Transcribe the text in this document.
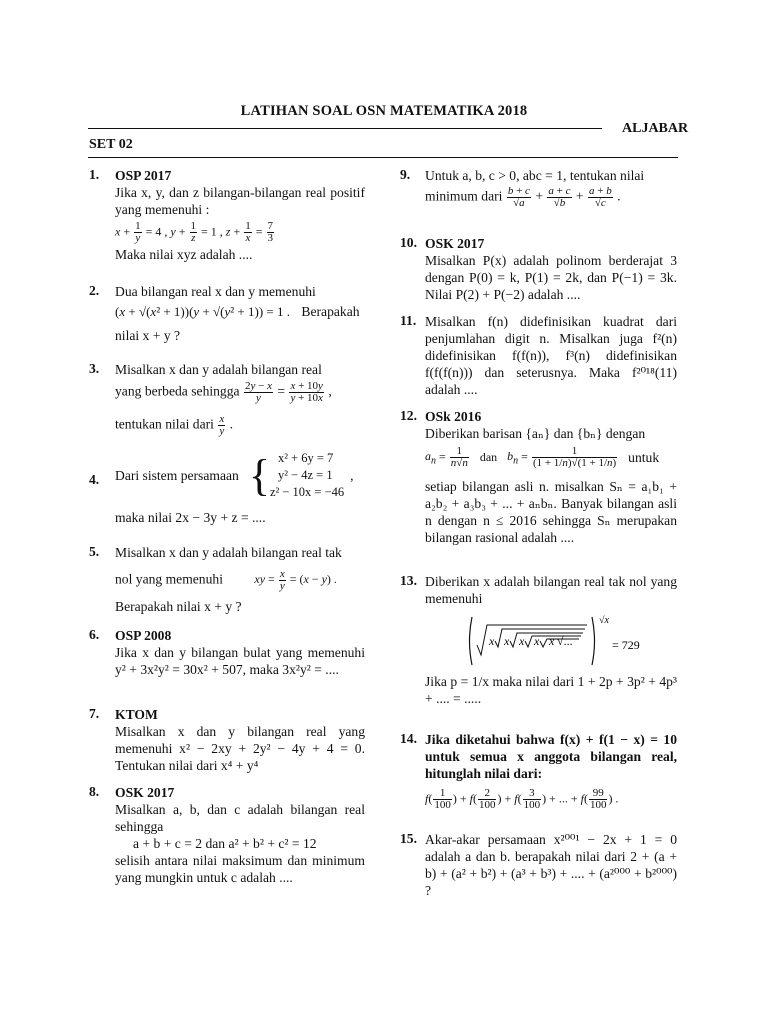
LATIHAN SOAL OSN MATEMATIKA 2018
ALJABAR
SET 02
1. OSP 2017
Jika x, y, dan z bilangan-bilangan real positif yang memenuhi :
$x + \frac{1}{y} = 4$ , $y + \frac{1}{z} = 1$ , $z + \frac{1}{x} = \frac{7}{3}$
Maka nilai xyz adalah ....
2. Dua bilangan real x dan y memenuhi
(x + √(x² + 1))(y + √(y² + 1)) = 1 . Berapakah
nilai x + y ?
3. Misalkan x dan y adalah bilangan real
yang berbeda sehingga $\frac{2y - x}{y} = \frac{x + 10y}{y + 10x}$ ,
tentukan nilai dari $\frac{x}{y}$ .
4. Dari sistem persamaan { x² + 6y = 7
y² − 4z = 1
z² − 10x = −46
,
maka nilai 2x − 3y + z = ....
5. Misalkan x dan y adalah bilangan real tak
nol yang memenuhi	xy = $\frac{x}{y} = (x - y)$ .
Berapakah nilai x + y ?
6. OSP 2008
Jika x dan y bilangan bulat yang memenuhi y² + 3x²y² = 30x² + 507, maka 3x²y² = ....
7. KTOM
Misalkan x dan y bilangan real yang memenuhi x² − 2xy + 2y² − 4y + 4 = 0. Tentukan nilai dari x⁴ + y⁴
8. OSK 2017
Misalkan a, b, dan c adalah bilangan real sehingga
a + b + c = 2 dan a² + b² + c² = 12
selisih antara nilai maksimum dan minimum yang mungkin untuk c adalah ....
9. Untuk a, b, c > 0, abc = 1, tentukan nilai
minimum dari $\frac{b + c}{√a} + \frac{a + c}{√b} + \frac{a + b}{√c}$ .
10. OSK 2017
Misalkan P(x) adalah polinom berderajat 3 dengan P(0) = k, P(1) = 2k, dan P(−1) = 3k. Nilai P(2) + P(−2) adalah ....
11. Misalkan f(n) didefinisikan kuadrat dari penjumlahan digit n. Misalkan juga f²(n) didefinisikan f(f(n)), f³(n) didefinisikan f(f(f(n))) dan seterusnya. Maka f²⁰¹⁸(11) adalah ....
12. OSk 2016
Diberikan barisan {aₙ} dan {bₙ} dengan
$a_n = \frac{1}{n√n}$ dan $b_n = \frac{1}{(1 + 1/n)√(1 + 1/n)}$ untuk
setiap bilangan asli n. misalkan Sₙ = a₁b₁ + a₂b₂ + a₃b₃ + ... + aₙbₙ. Banyak bilangan asli n dengan n ≤ 2016 sehingga Sₙ merupakan bilangan rasional adalah ....
13. Diberikan x adalah bilangan real tak nol yang memenuhi
x x x x x √...
√x
= 729
Jika p = 1/x maka nilai dari 1 + 2p + 3p² + 4p³ + .... = .....
14. Jika diketahui bahwa f(x) + f(1 − x) = 10 untuk semua x anggota bilangan real, hitunglah nilai dari:
$f( \frac{1}{100}$ ) + $f( \frac{2}{100}$ ) + $f( \frac{3}{100}$ ) + ... + $f( \frac{99}{100}$ ) .
15. Akar-akar persamaan x²⁰⁰¹ − 2x + 1 = 0 adalah a dan b. berapakah nilai dari 2 + (a + b) + (a² + b²) + (a³ + b³) + .... + (a²⁰⁰⁰ + b²⁰⁰⁰) ?
